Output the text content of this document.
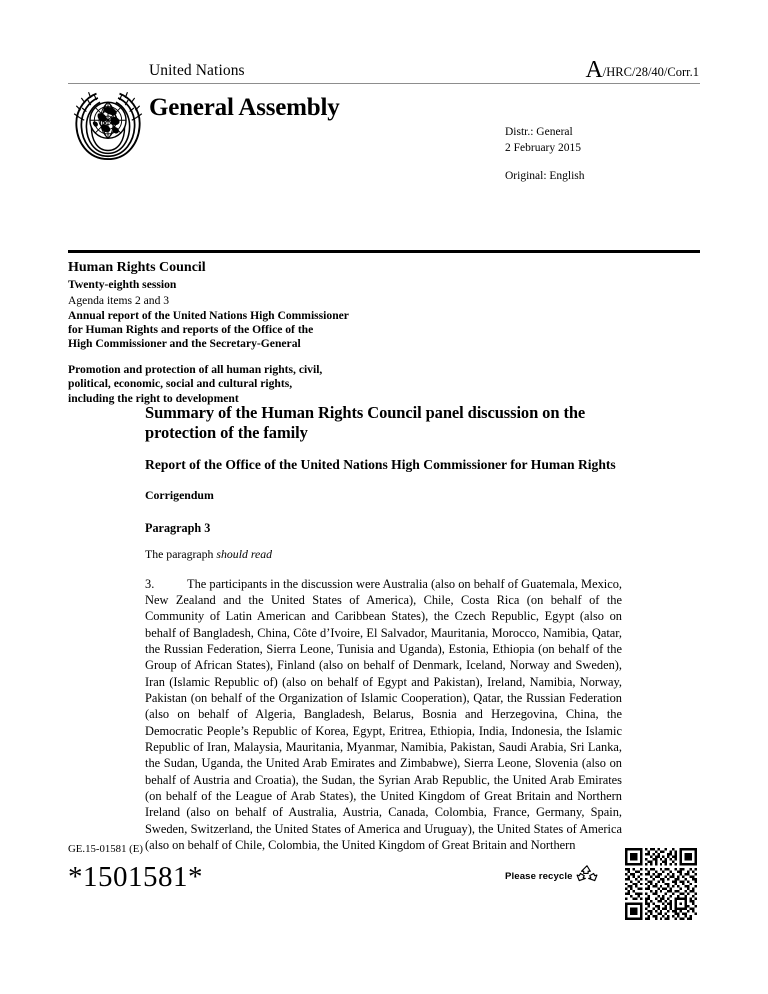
United Nations	A/HRC/28/40/Corr.1
General Assembly
Distr.: General
2 February 2015
Original: English
Human Rights Council
Twenty-eighth session
Agenda items 2 and 3
Annual report of the United Nations High Commissioner
for Human Rights and reports of the Office of the
High Commissioner and the Secretary-General
Promotion and protection of all human rights, civil,
political, economic, social and cultural rights,
including the right to development
Summary of the Human Rights Council panel discussion on the protection of the family
Report of the Office of the United Nations High Commissioner for Human Rights
Corrigendum
Paragraph 3
The paragraph should read
3.	The participants in the discussion were Australia (also on behalf of Guatemala, Mexico, New Zealand and the United States of America), Chile, Costa Rica (on behalf of the Community of Latin American and Caribbean States), the Czech Republic, Egypt (also on behalf of Bangladesh, China, Côte d’Ivoire, El Salvador, Mauritania, Morocco, Namibia, Qatar, the Russian Federation, Sierra Leone, Tunisia and Uganda), Estonia, Ethiopia (on behalf of the Group of African States), Finland (also on behalf of Denmark, Iceland, Norway and Sweden), Iran (Islamic Republic of) (also on behalf of Egypt and Pakistan), Ireland, Namibia, Norway, Pakistan (on behalf of the Organization of Islamic Cooperation), Qatar, the Russian Federation (also on behalf of Algeria, Bangladesh, Belarus, Bosnia and Herzegovina, China, the Democratic People’s Republic of Korea, Egypt, Eritrea, Ethiopia, India, Indonesia, the Islamic Republic of Iran, Malaysia, Mauritania, Myanmar, Namibia, Pakistan, Saudi Arabia, Sri Lanka, the Sudan, Uganda, the United Arab Emirates and Zimbabwe), Sierra Leone, Slovenia (also on behalf of Austria and Croatia), the Sudan, the Syrian Arab Republic, the United Arab Emirates (on behalf of the League of Arab States), the United Kingdom of Great Britain and Northern Ireland (also on behalf of Australia, Austria, Canada, Colombia, France, Germany, Spain, Sweden, Switzerland, the United States of America and Uruguay), the United States of America (also on behalf of Chile, Colombia, the United Kingdom of Great Britain and Northern
GE.15-01581 (E)
*1501581*	Please recycle
